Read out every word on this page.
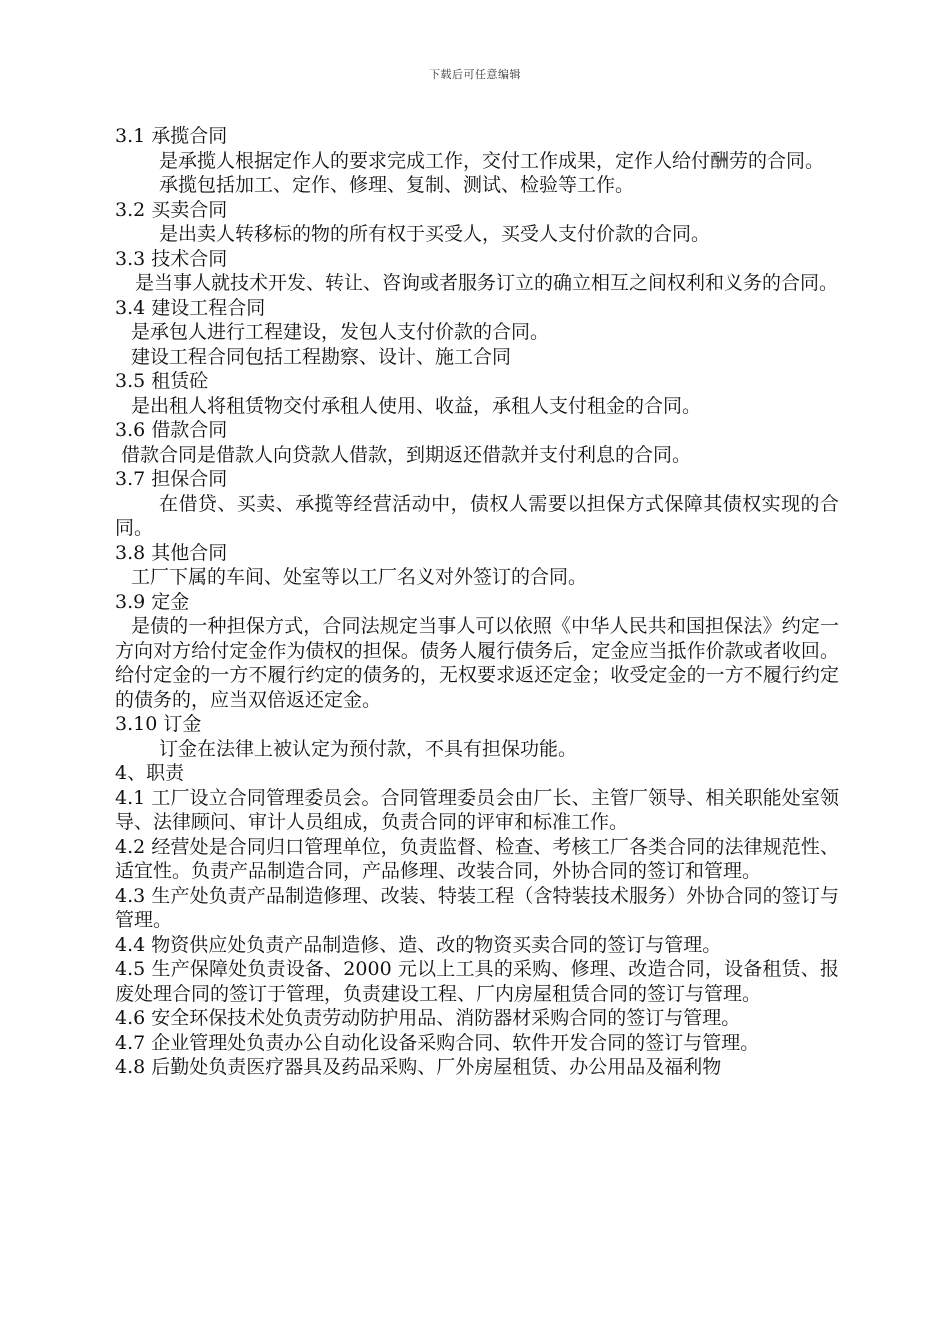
下载后可任意编辑
3.1 承揽合同
是承揽人根据定作人的要求完成工作，交付工作成果，定作人给付酬劳的合同。
承揽包括加工、定作、修理、复制、测试、检验等工作。
3.2 买卖合同
是出卖人转移标的物的所有权于买受人，买受人支付价款的合同。
3.3 技术合同
是当事人就技术开发、转让、咨询或者服务订立的确立相互之间权利和义务的合同。
3.4 建设工程合同
是承包人进行工程建设，发包人支付价款的合同。
建设工程合同包括工程勘察、设计、施工合同
3.5 租赁砼
是出租人将租赁物交付承租人使用、收益，承租人支付租金的合同。
3.6 借款合同
借款合同是借款人向贷款人借款，到期返还借款并支付利息的合同。
3.7 担保合同
在借贷、买卖、承揽等经营活动中，债权人需要以担保方式保障其债权实现的合同。
3.8 其他合同
工厂下属的车间、处室等以工厂名义对外签订的合同。
3.9 定金
是债的一种担保方式，合同法规定当事人可以依照《中华人民共和国担保法》约定一方向对方给付定金作为债权的担保。债务人履行债务后，定金应当抵作价款或者收回。给付定金的一方不履行约定的债务的，无权要求返还定金；收受定金的一方不履行约定的债务的，应当双倍返还定金。
3.10 订金
订金在法律上被认定为预付款，不具有担保功能。
4、职责
4.1 工厂设立合同管理委员会。合同管理委员会由厂长、主管厂领导、相关职能处室领导、法律顾问、审计人员组成，负责合同的评审和标准工作。
4.2 经营处是合同归口管理单位，负责监督、检查、考核工厂各类合同的法律规范性、适宜性。负责产品制造合同，产品修理、改装合同，外协合同的签订和管理。
4.3 生产处负责产品制造修理、改装、特装工程（含特装技术服务）外协合同的签订与管理。
4.4 物资供应处负责产品制造修、造、改的物资买卖合同的签订与管理。
4.5 生产保障处负责设备、2000 元以上工具的采购、修理、改造合同，设备租赁、报废处理合同的签订于管理，负责建设工程、厂内房屋租赁合同的签订与管理。
4.6 安全环保技术处负责劳动防护用品、消防器材采购合同的签订与管理。
4.7 企业管理处负责办公自动化设备采购合同、软件开发合同的签订与管理。
4.8 后勤处负责医疗器具及药品采购、厂外房屋租赁、办公用品及福利物
